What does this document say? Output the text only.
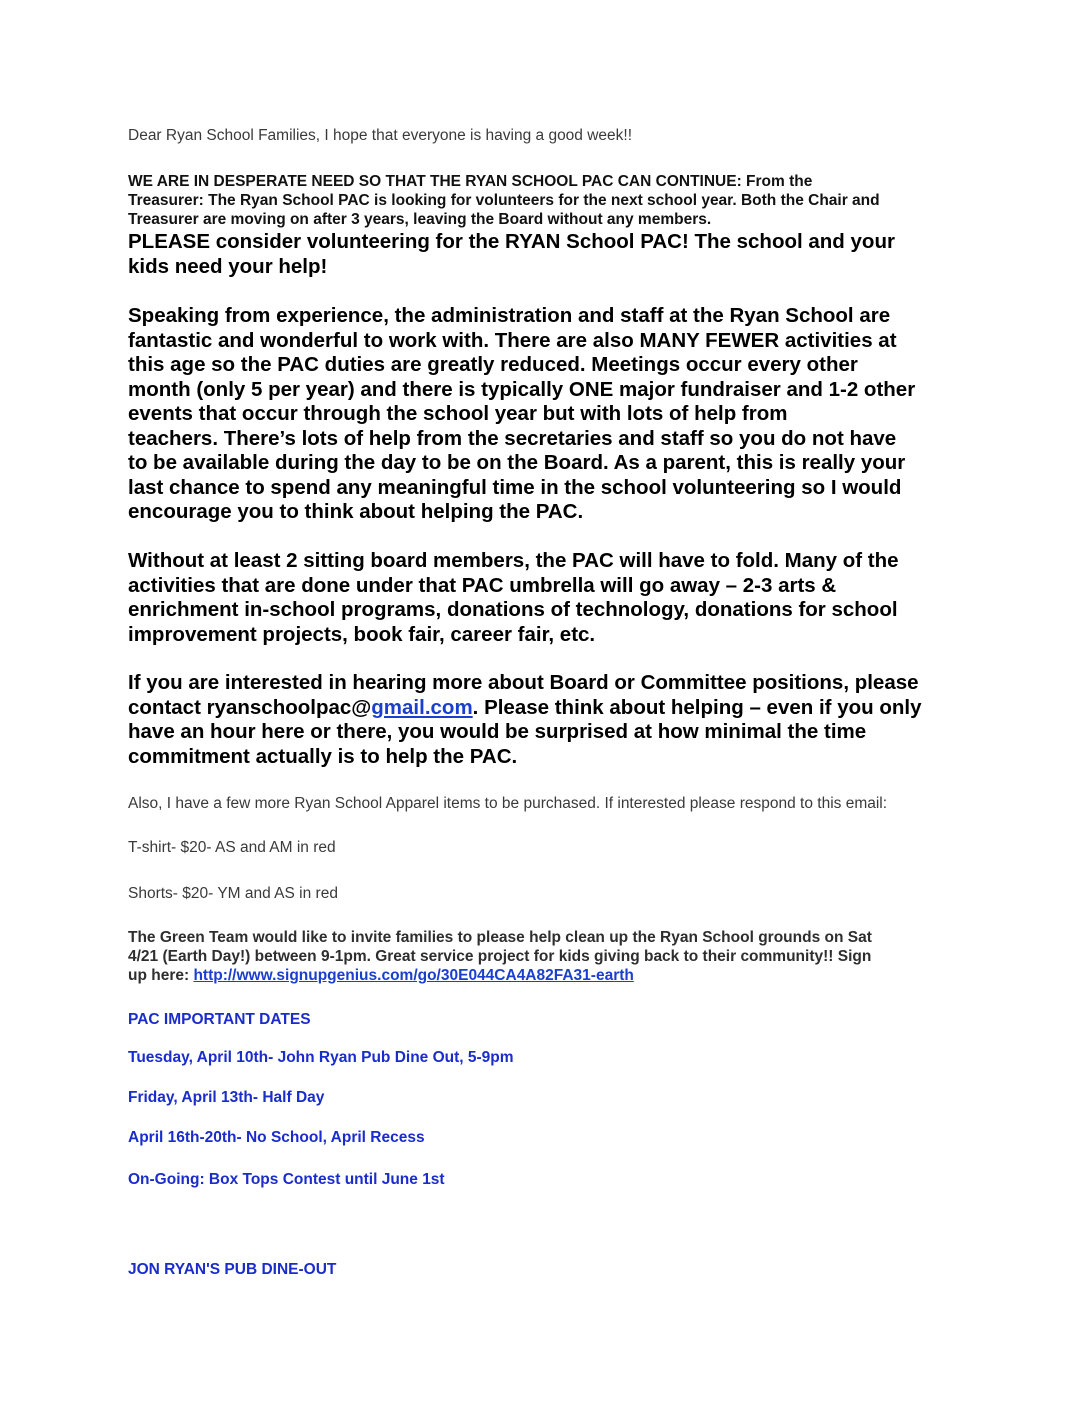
Dear Ryan School Families, I hope that everyone is having a good week!!

WE ARE IN DESPERATE NEED SO THAT THE RYAN SCHOOL PAC CAN CONTINUE: From the
Treasurer: The Ryan School PAC is looking for volunteers for the next school year. Both the Chair and
Treasurer are moving on after 3 years, leaving the Board without any members.
PLEASE consider volunteering for the RYAN School PAC! The school and your
kids need your help!
Speaking from experience, the administration and staff at the Ryan School are
fantastic and wonderful to work with. There are also MANY FEWER activities at
this age so the PAC duties are greatly reduced. Meetings occur every other
month (only 5 per year) and there is typically ONE major fundraiser and 1-2 other
events that occur through the school year but with lots of help from
teachers. There’s lots of help from the secretaries and staff so you do not have
to be available during the day to be on the Board. As a parent, this is really your
last chance to spend any meaningful time in the school volunteering so I would
encourage you to think about helping the PAC.
Without at least 2 sitting board members, the PAC will have to fold. Many of the
activities that are done under that PAC umbrella will go away – 2-3 arts &
enrichment in-school programs, donations of technology, donations for school
improvement projects, book fair, career fair, etc.
If you are interested in hearing more about Board or Committee positions, please
contact ryanschoolpac@gmail.com. Please think about helping – even if you only
have an hour here or there, you would be surprised at how minimal the time
commitment actually is to help the PAC.

Also, I have a few more Ryan School Apparel items to be purchased. If interested please respond to this email:

T-shirt- $20- AS and AM in red

Shorts- $20- YM and AS in red

The Green Team would like to invite families to please help clean up the Ryan School grounds on Sat
4/21 (Earth Day!) between 9-1pm. Great service project for kids giving back to their community!! Sign
up here: http://www.signupgenius.com/go/30E044CA4A82FA31-earth

PAC IMPORTANT DATES

Tuesday, April 10th- John Ryan Pub Dine Out, 5-9pm

Friday, April 13th- Half Day

April 16th-20th- No School, April Recess

On-Going: Box Tops Contest until June 1st

JON RYAN'S PUB DINE-OUT
